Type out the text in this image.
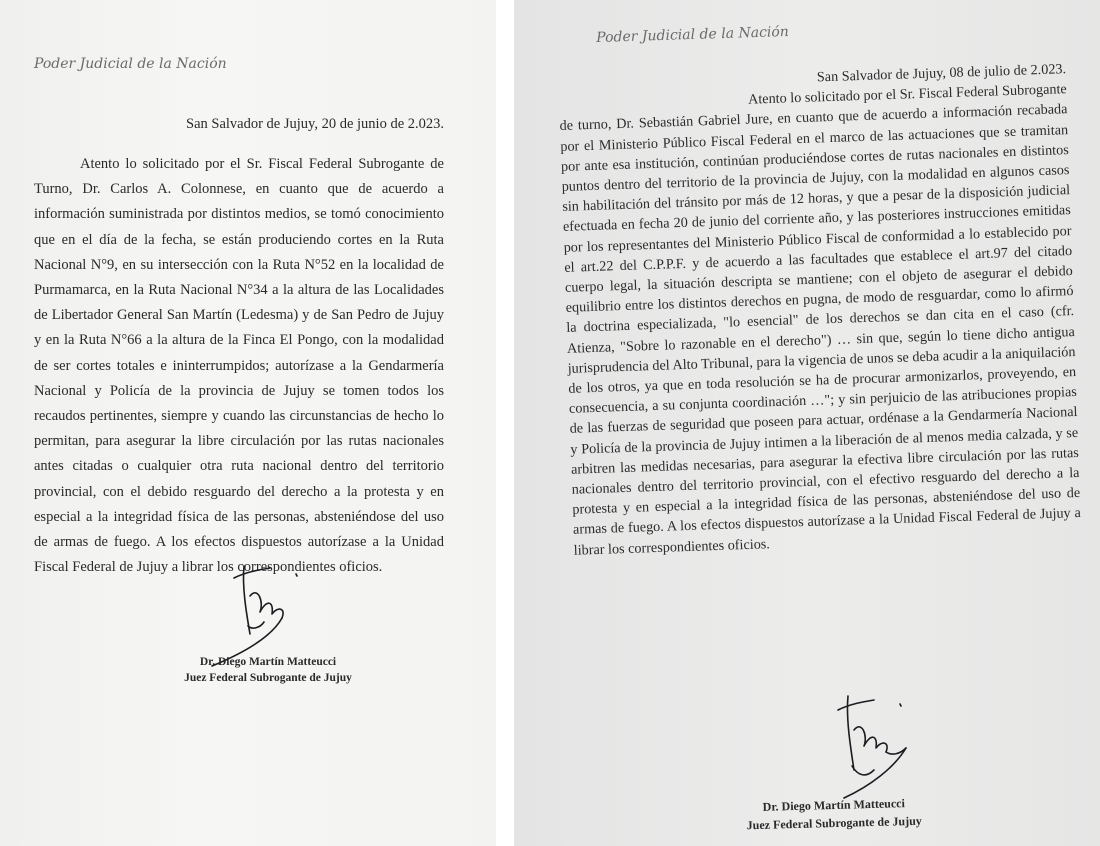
Poder Judicial de la Nación
San Salvador de Jujuy, 20 de junio de 2.023.
Atento lo solicitado por el Sr. Fiscal Federal Subrogante de Turno, Dr. Carlos A. Colonnese, en cuanto que de acuerdo a información suministrada por distintos medios, se tomó conocimiento que en el día de la fecha, se están produciendo cortes en la Ruta Nacional N°9, en su intersección con la Ruta N°52 en la localidad de Purmamarca, en la Ruta Nacional N°34 a la altura de las Localidades de Libertador General San Martín (Ledesma) y de San Pedro de Jujuy y en la Ruta N°66 a la altura de la Finca El Pongo, con la modalidad de ser cortes totales e ininterrumpidos; autorízase a la Gendarmería Nacional y Policía de la provincia de Jujuy se tomen todos los recaudos pertinentes, siempre y cuando las circunstancias de hecho lo permitan, para asegurar la libre circulación por las rutas nacionales antes citadas o cualquier otra ruta nacional dentro del territorio provincial, con el debido resguardo del derecho a la protesta y en especial a la integridad física de las personas, absteniéndose del uso de armas de fuego. A los efectos dispuestos autorízase a la Unidad Fiscal Federal de Jujuy a librar los correspondientes oficios.
Dr. Diego Martín Matteucci
Juez Federal Subrogante de Jujuy
Poder Judicial de la Nación
San Salvador de Jujuy, 08 de julio de 2.023.
Atento lo solicitado por el Sr. Fiscal Federal Subrogante
de turno, Dr. Sebastián Gabriel Jure, en cuanto que de acuerdo a información recabada por el Ministerio Público Fiscal Federal en el marco de las actuaciones que se tramitan por ante esa institución, continúan produciéndose cortes de rutas nacionales en distintos puntos dentro del territorio de la provincia de Jujuy, con la modalidad en algunos casos sin habilitación del tránsito por más de 12 horas, y que a pesar de la disposición judicial efectuada en fecha 20 de junio del corriente año, y las posteriores instrucciones emitidas por los representantes del Ministerio Público Fiscal de conformidad a lo establecido por el art.22 del C.P.P.F. y de acuerdo a las facultades que establece el art.97 del citado cuerpo legal, la situación descripta se mantiene; con el objeto de asegurar el debido equilibrio entre los distintos derechos en pugna, de modo de resguardar, como lo afirmó la doctrina especializada, "lo esencial" de los derechos se dan cita en el caso (cfr. Atienza, "Sobre lo razonable en el derecho") … sin que, según lo tiene dicho antigua jurisprudencia del Alto Tribunal, para la vigencia de unos se deba acudir a la aniquilación de los otros, ya que en toda resolución se ha de procurar armonizarlos, proveyendo, en consecuencia, a su conjunta coordinación …"; y sin perjuicio de las atribuciones propias de las fuerzas de seguridad que poseen para actuar, ordénase a la Gendarmería Nacional y Policía de la provincia de Jujuy intimen a la liberación de al menos media calzada, y se arbitren las medidas necesarias, para asegurar la efectiva libre circulación por las rutas nacionales dentro del territorio provincial, con el efectivo resguardo del derecho a la protesta y en especial a la integridad física de las personas, absteniéndose del uso de armas de fuego. A los efectos dispuestos autorízase a la Unidad Fiscal Federal de Jujuy a librar los correspondientes oficios.
Dr. Diego Martín Matteucci
Juez Federal Subrogante de Jujuy
